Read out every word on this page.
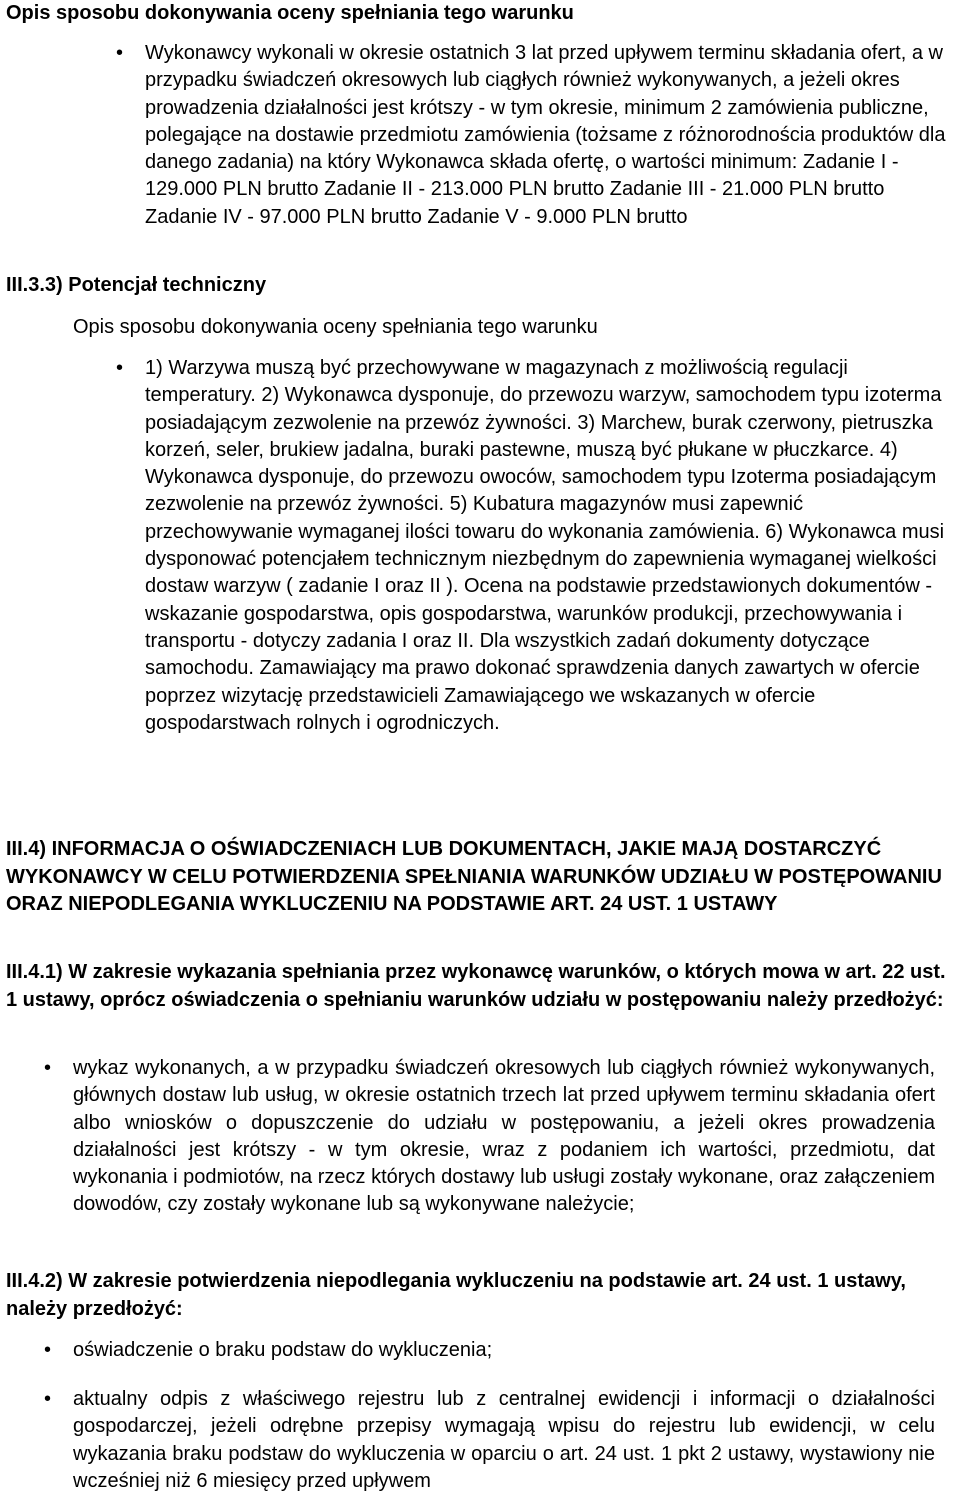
Opis sposobu dokonywania oceny spełniania tego warunku

• Wykonawcy wykonali w okresie ostatnich 3 lat przed upływem terminu składania ofert, a w przypadku świadczeń okresowych lub ciągłych również wykonywanych, a jeżeli okres prowadzenia działalności jest krótszy - w tym okresie, minimum 2 zamówienia publiczne, polegające na dostawie przedmiotu zamówienia (tożsame z różnorodnościa produktów dla danego zadania) na który Wykonawca składa ofertę, o wartości minimum: Zadanie I - 129.000 PLN brutto Zadanie II - 213.000 PLN brutto Zadanie III - 21.000 PLN brutto Zadanie IV - 97.000 PLN brutto Zadanie V - 9.000 PLN brutto

III.3.3) Potencjał techniczny

Opis sposobu dokonywania oceny spełniania tego warunku

• 1) Warzywa muszą być przechowywane w magazynach z możliwością regulacji temperatury. 2) Wykonawca dysponuje, do przewozu warzyw, samochodem typu izoterma posiadającym zezwolenie na przewóz żywności. 3) Marchew, burak czerwony, pietruszka korzeń, seler, brukiew jadalna, buraki pastewne, muszą być płukane w płuczkarce. 4) Wykonawca dysponuje, do przewozu owoców, samochodem typu Izoterma posiadającym zezwolenie na przewóz żywności. 5) Kubatura magazynów musi zapewnić przechowywanie wymaganej ilości towaru do wykonania zamówienia. 6) Wykonawca musi dysponować potencjałem technicznym niezbędnym do zapewnienia wymaganej wielkości dostaw warzyw ( zadanie I oraz II ). Ocena na podstawie przedstawionych dokumentów - wskazanie gospodarstwa, opis gospodarstwa, warunków produkcji, przechowywania i transportu - dotyczy zadania I oraz II. Dla wszystkich zadań dokumenty dotyczące samochodu. Zamawiający ma prawo dokonać sprawdzenia danych zawartych w ofercie poprzez wizytację przedstawicieli Zamawiającego we wskazanych w ofercie gospodarstwach rolnych i ogrodniczych.

III.4) INFORMACJA O OŚWIADCZENIACH LUB DOKUMENTACH, JAKIE MAJĄ DOSTARCZYĆ WYKONAWCY W CELU POTWIERDZENIA SPEŁNIANIA WARUNKÓW UDZIAŁU W POSTĘPOWANIU ORAZ NIEPODLEGANIA WYKLUCZENIU NA PODSTAWIE ART. 24 UST. 1 USTAWY

III.4.1) W zakresie wykazania spełniania przez wykonawcę warunków, o których mowa w art. 22 ust. 1 ustawy, oprócz oświadczenia o spełnianiu warunków udziału w postępowaniu należy przedłożyć:

• wykaz wykonanych, a w przypadku świadczeń okresowych lub ciągłych również wykonywanych, głównych dostaw lub usług, w okresie ostatnich trzech lat przed upływem terminu składania ofert albo wniosków o dopuszczenie do udziału w postępowaniu, a jeżeli okres prowadzenia działalności jest krótszy - w tym okresie, wraz z podaniem ich wartości, przedmiotu, dat wykonania i podmiotów, na rzecz których dostawy lub usługi zostały wykonane, oraz załączeniem dowodów, czy zostały wykonane lub są wykonywane należycie;

III.4.2) W zakresie potwierdzenia niepodlegania wykluczeniu na podstawie art. 24 ust. 1 ustawy, należy przedłożyć:

• oświadczenie o braku podstaw do wykluczenia;
• aktualny odpis z właściwego rejestru lub z centralnej ewidencji i informacji o działalności gospodarczej, jeżeli odrębne przepisy wymagają wpisu do rejestru lub ewidencji, w celu wykazania braku podstaw do wykluczenia w oparciu o art. 24 ust. 1 pkt 2 ustawy, wystawiony nie wcześniej niż 6 miesięcy przed upływem
